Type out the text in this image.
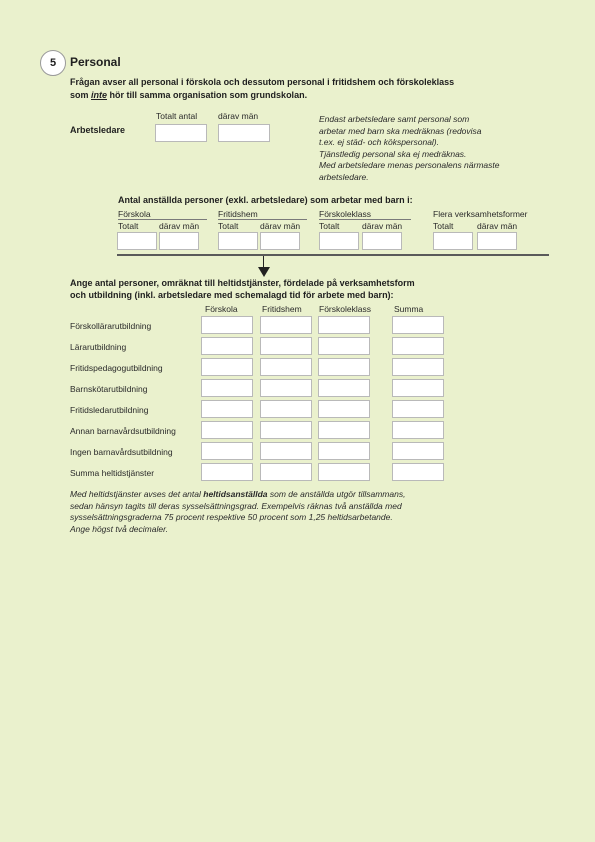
5 Personal
Frågan avser all personal i förskola och dessutom personal i fritidshem och förskoleklass
som inte hör till samma organisation som grundskolan.
Arbetsledare
Totalt antal därav män	Endast arbetsledare samt personal som
arbetar med barn ska medräknas (redovisa
t.ex. ej städ- och kökspersonal).
Tjänstledig personal ska ej medräknas.
Med arbetsledare menas personalens närmaste
arbetsledare.
Antal anställda personer (exkl. arbetsledare) som arbetar med barn i:
Förskola
Totalt därav män
Fritidshem
Totalt	därav män
Förskoleklass
Totalt	därav män
Flera verksamhetsformer
Totalt	därav män
Ange antal personer, omräknat till heltidstjänster, fördelade på verksamhetsform
och utbildning (inkl. arbetsledare med schemalagd tid för arbete med barn):
Förskola	Fritidshem Förskoleklass	Summa
Förskollärarutbildning
Lärarutbildning
Fritidspedagogutbildning
Barnskötarutbildning
Fritidsledarutbildning
Annan barnavårdsutbildning
Ingen barnavårdsutbildning
Summa heltidstjänster
Med heltidstjänster avses det antal heltidsanställda som de anställda utgör tillsammans,
sedan hänsyn tagits till deras sysselsättningsgrad. Exempelvis räknas två anställda med
sysselsättningsgraderna 75 procent respektive 50 procent som 1,25 heltidsarbetande.
Ange högst två decimaler.
